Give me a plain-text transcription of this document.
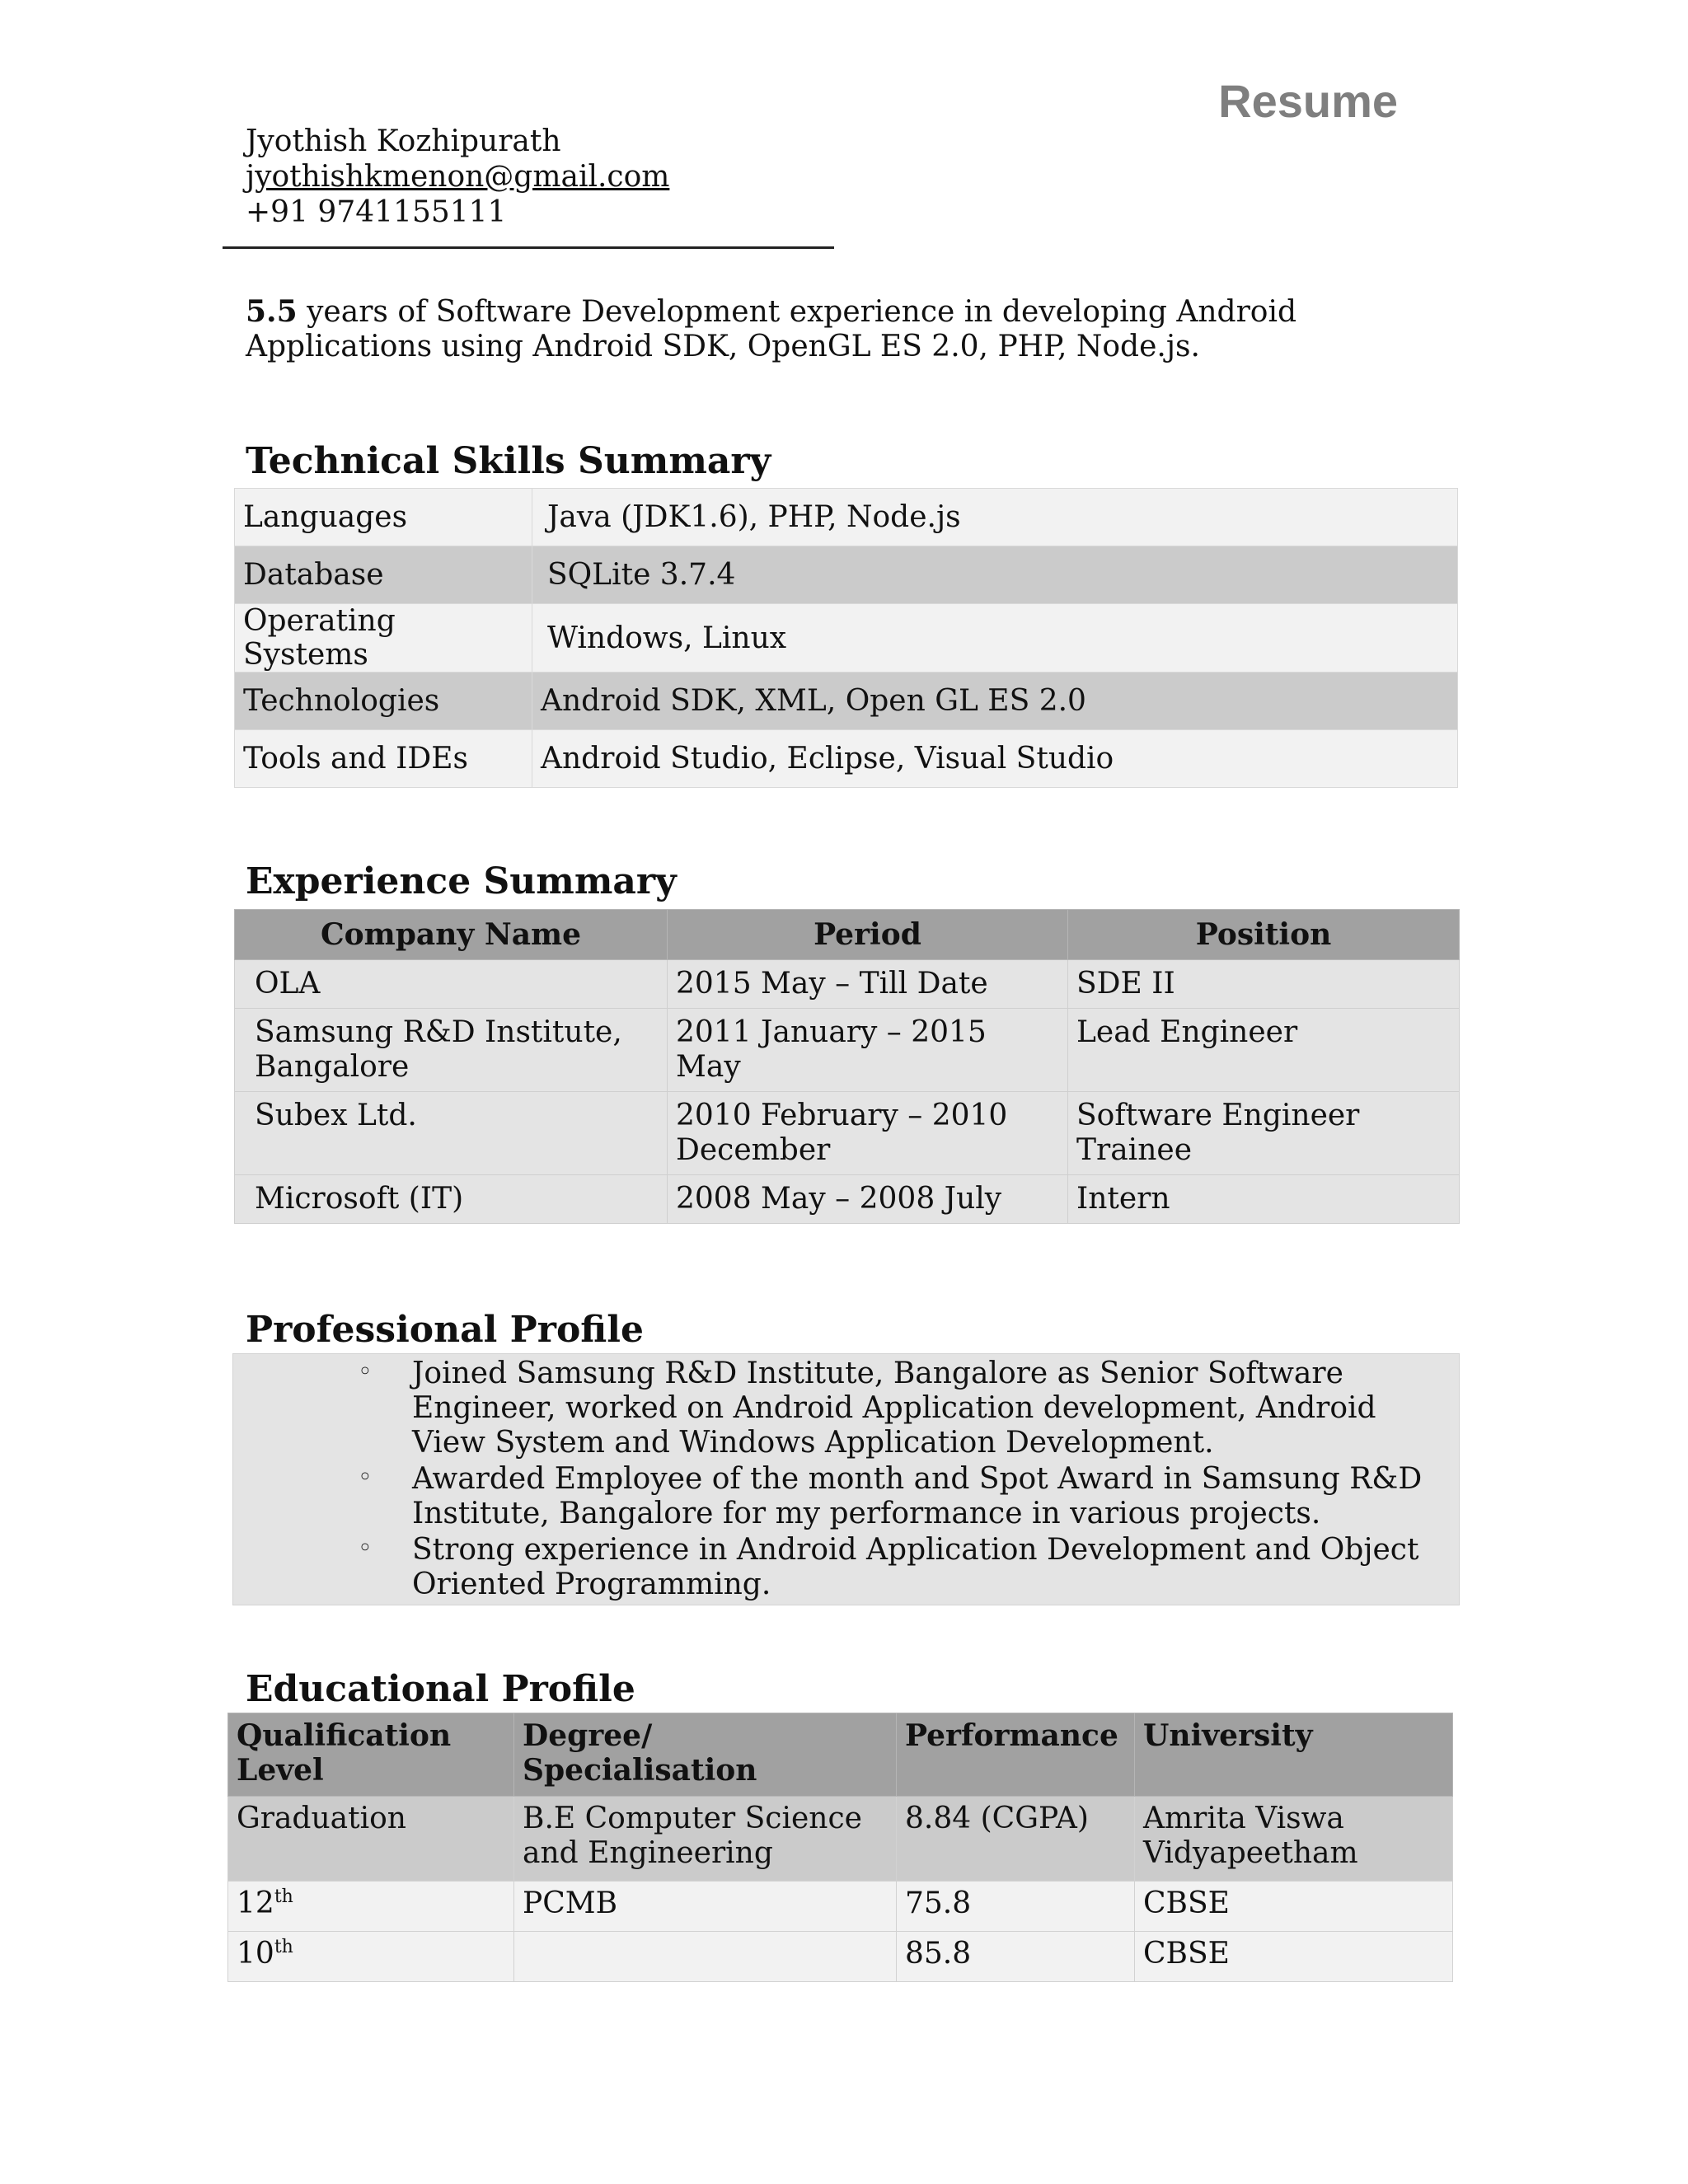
Resume
Jyothish Kozhipurath
jyothishkmenon@gmail.com
+91 9741155111
5.5 years of Software Development experience in developing Android Applications using Android SDK, OpenGL ES 2.0, PHP, Node.js.
Technical Skills Summary
Languages	Java (JDK1.6), PHP, Node.js
Database	SQLite 3.7.4
Operating Systems	Windows, Linux
Technologies	Android SDK, XML, Open GL ES 2.0
Tools and IDEs	Android Studio, Eclipse, Visual Studio
Experience Summary
Company Name	Period	Position
OLA	2015 May – Till Date	SDE II
Samsung R&D Institute, Bangalore	2011 January – 2015 May	Lead Engineer
Subex Ltd.	2010 February – 2010 December	Software Engineer Trainee
Microsoft (IT)	2008 May – 2008 July	Intern
Professional Profile
◦ Joined Samsung R&D Institute, Bangalore as Senior Software Engineer, worked on Android Application development, Android View System and Windows Application Development.
◦ Awarded Employee of the month and Spot Award in Samsung R&D Institute, Bangalore for my performance in various projects.
◦ Strong experience in Android Application Development and Object Oriented Programming.
Educational Profile
Qualification Level	Degree/ Specialisation	Performance	University
Graduation	B.E Computer Science and Engineering	8.84 (CGPA)	Amrita Viswa Vidyapeetham
12th	PCMB	75.8	CBSE
10th		85.8	CBSE
